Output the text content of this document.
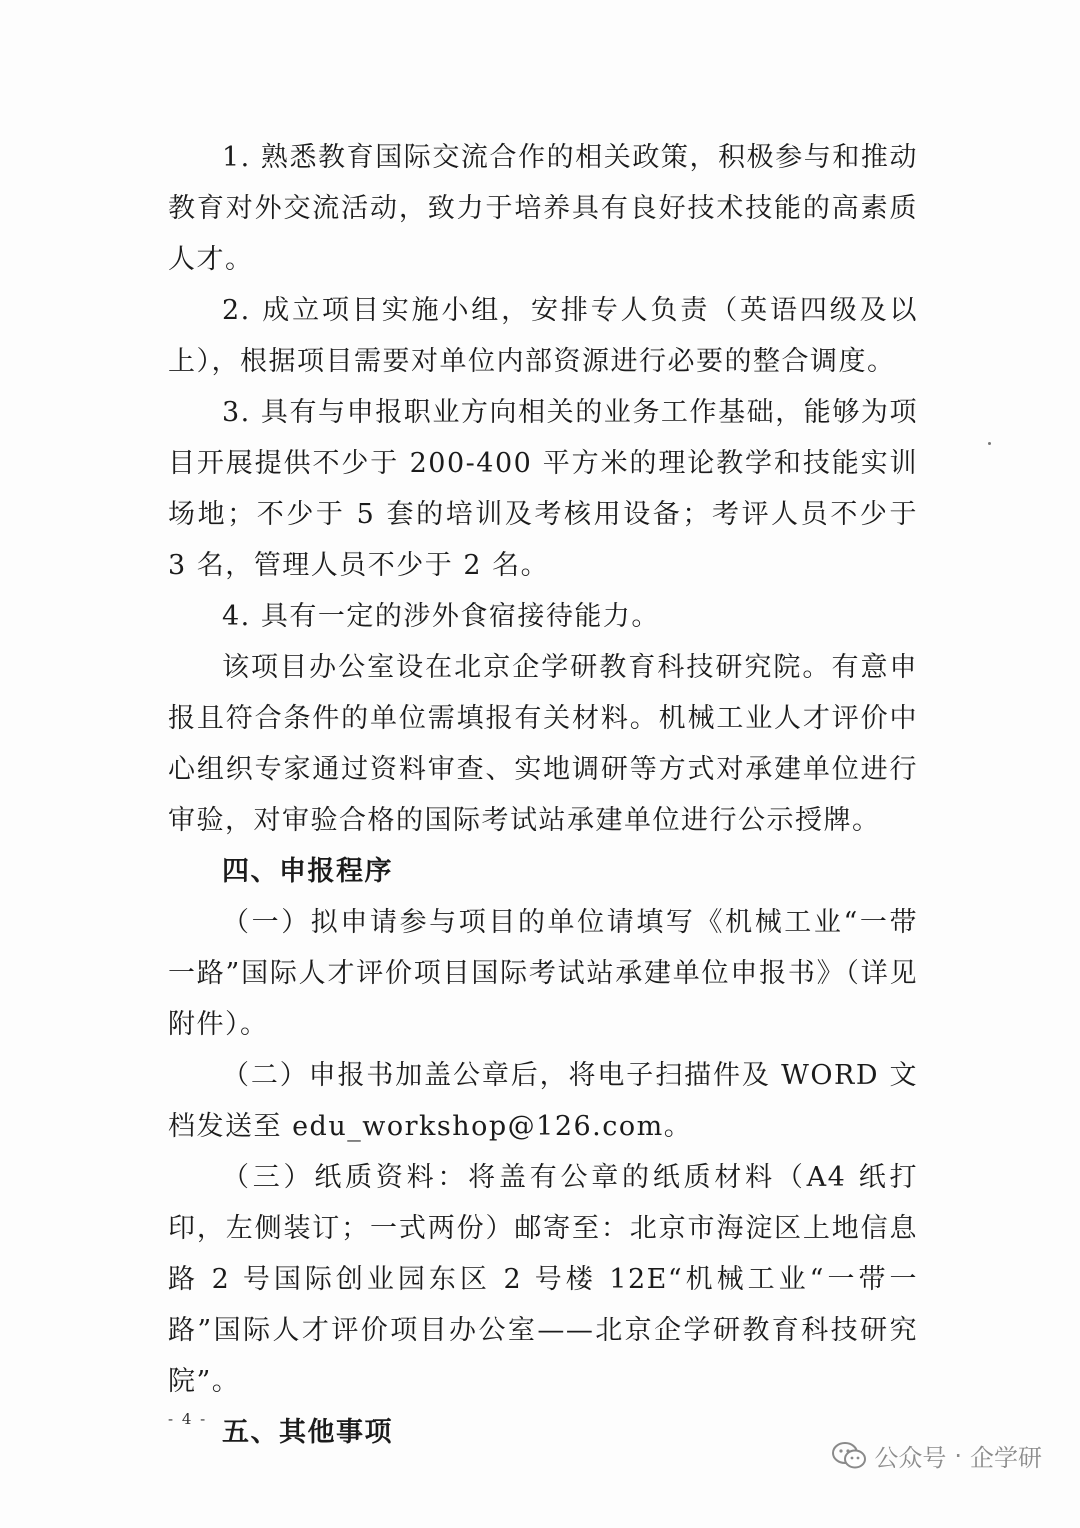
1. 熟悉教育国际交流合作的相关政策，积极参与和推动教育对外交流活动，致力于培养具有良好技术技能的高素质人才。

2. 成立项目实施小组，安排专人负责（英语四级及以上），根据项目需要对单位内部资源进行必要的整合调度。

3. 具有与申报职业方向相关的业务工作基础，能够为项目开展提供不少于 200-400 平方米的理论教学和技能实训场地；不少于 5 套的培训及考核用设备；考评人员不少于 3 名，管理人员不少于 2 名。

4. 具有一定的涉外食宿接待能力。

该项目办公室设在北京企学研教育科技研究院。有意申报且符合条件的单位需填报有关材料。机械工业人才评价中心组织专家通过资料审查、实地调研等方式对承建单位进行审验，对审验合格的国际考试站承建单位进行公示授牌。

四、申报程序

（一）拟申请参与项目的单位请填写《机械工业“一带一路”国际人才评价项目国际考试站承建单位申报书》（详见附件）。

（二）申报书加盖公章后，将电子扫描件及 WORD 文档发送至 edu_workshop@126.com。

（三）纸质资料：将盖有公章的纸质材料（A4 纸打印，左侧装订；一式两份）邮寄至：北京市海淀区上地信息路 2 号国际创业园东区 2 号楼 12E“机械工业“一带一路”国际人才评价项目办公室——北京企学研教育科技研究院”。

五、其他事项

- 4 -
公众号 · 企学研
